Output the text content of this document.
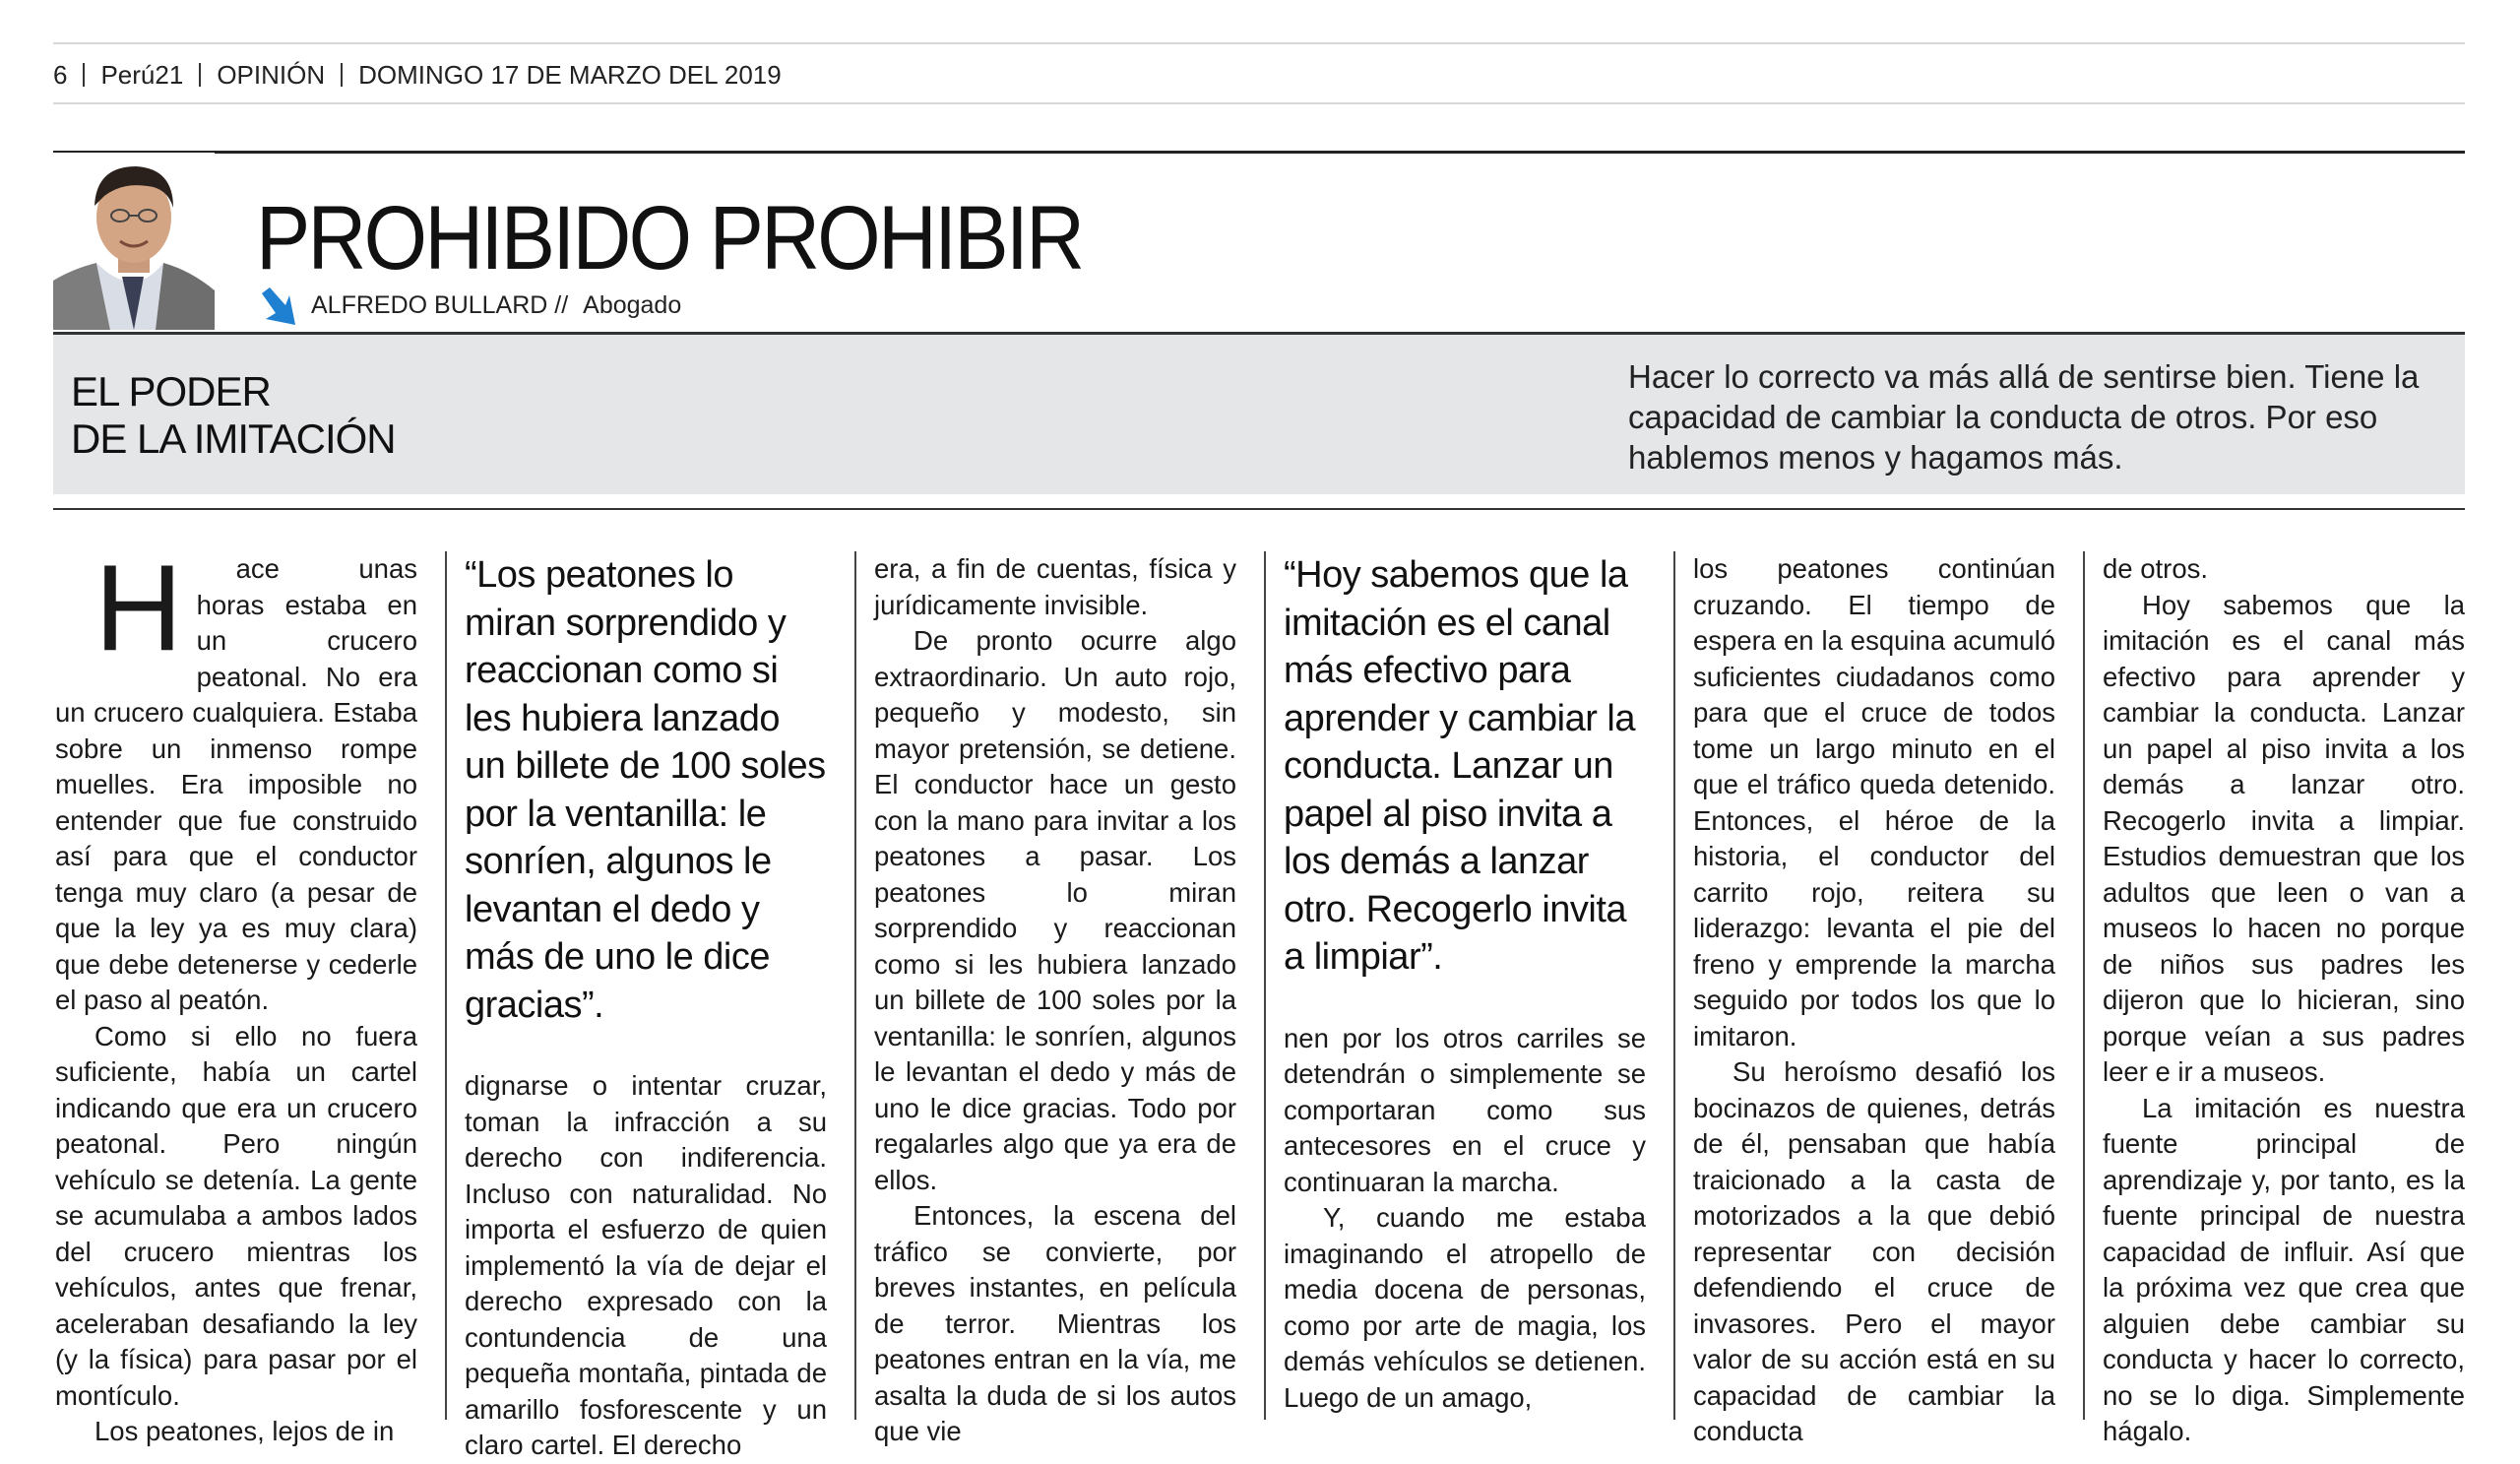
6 Perú21 OPINIÓN DOMINGO 17 DE MARZO DEL 2019
PROHIBIDO PROHIBIR
ALFREDO BULLARD // Abogado
EL PODER
DE LA IMITACIÓN
Hacer lo correcto va más allá de sentirse bien. Tiene la capacidad de cambiar la conducta de otros. Por eso hablemos menos y hagamos más.

Hace unas horas estaba en un crucero peatonal. No era un crucero cualquiera. Estaba sobre un inmenso rompe muelles. Era imposible no entender que fue construido así para que el conductor tenga muy claro (a pesar de que la ley ya es muy clara) que debe detenerse y cederle el paso al peatón.

Como si ello no fuera suficiente, había un cartel indicando que era un crucero peatonal. Pero ningún vehículo se detenía. La gente se acumulaba a ambos lados del crucero mientras los vehículos, antes que frenar, aceleraban desafiando la ley (y la física) para pasar por el montículo.

Los peatones, lejos de in

“Los peatones lo miran sorprendido y reaccionan como si les hubiera lanzado un billete de 100 soles por la ventanilla: le sonríen, algunos le levantan el dedo y más de uno le dice gracias”.

dignarse o intentar cruzar, toman la infracción a su derecho con indiferencia. Incluso con naturalidad. No importa el esfuerzo de quien implementó la vía de dejar el derecho expresado con la contundencia de una pequeña montaña, pintada de amarillo fosforescente y un claro cartel. El derecho

era, a fin de cuentas, física y jurídicamente invisible.

De pronto ocurre algo extraordinario. Un auto rojo, pequeño y modesto, sin mayor pretensión, se detiene. El conductor hace un gesto con la mano para invitar a los peatones a pasar. Los peatones lo miran sorprendido y reaccionan como si les hubiera lanzado un billete de 100 soles por la ventanilla: le sonríen, algunos le levantan el dedo y más de uno le dice gracias. Todo por regalarles algo que ya era de ellos.

Entonces, la escena del tráfico se convierte, por breves instantes, en película de terror. Mientras los peatones entran en la vía, me asalta la duda de si los autos que vie

“Hoy sabemos que la imitación es el canal más efectivo para aprender y cambiar la conducta. Lanzar un papel al piso invita a los demás a lanzar otro. Recogerlo invita a limpiar”.

nen por los otros carriles se detendrán o simplemente se comportaran como sus antecesores en el cruce y continuaran la marcha.

Y, cuando me estaba imaginando el atropello de media docena de personas, como por arte de magia, los demás vehículos se detienen. Luego de un amago,

los peatones continúan cruzando. El tiempo de espera en la esquina acumuló suficientes ciudadanos como para que el cruce de todos tome un largo minuto en el que el tráfico queda detenido. Entonces, el héroe de la historia, el conductor del carrito rojo, reitera su liderazgo: levanta el pie del freno y emprende la marcha seguido por todos los que lo imitaron.

Su heroísmo desafió los bocinazos de quienes, detrás de él, pensaban que había traicionado a la casta de motorizados a la que debió representar con decisión defendiendo el cruce de invasores. Pero el mayor valor de su acción está en su capacidad de cambiar la conducta

de otros.

Hoy sabemos que la imitación es el canal más efectivo para aprender y cambiar la conducta. Lanzar un papel al piso invita a los demás a lanzar otro. Recogerlo invita a limpiar. Estudios demuestran que los adultos que leen o van a museos lo hacen no porque de niños sus padres les dijeron que lo hicieran, sino porque veían a sus padres leer e ir a museos.

La imitación es nuestra fuente principal de aprendizaje y, por tanto, es la fuente principal de nuestra capacidad de influir. Así que la próxima vez que crea que alguien debe cambiar su conducta y hacer lo correcto, no se lo diga. Simplemente hágalo.
